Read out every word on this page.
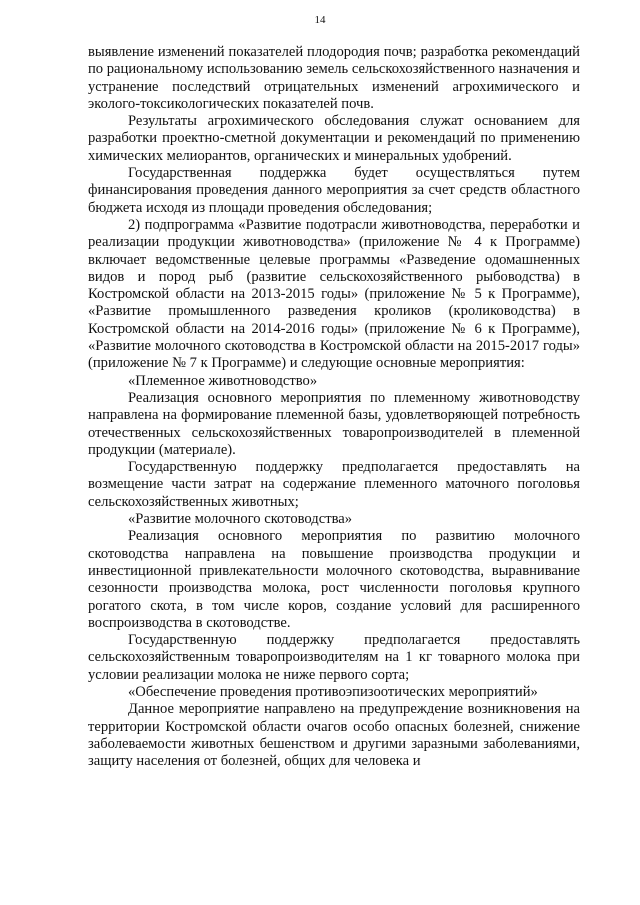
14

выявление изменений показателей плодородия почв; разработка рекомендаций по рациональному использованию земель сельскохозяйственного назначения и устранение последствий отрицательных изменений агрохимического и эколого-токсикологических показателей почв.

Результаты агрохимического обследования служат основанием для разработки проектно-сметной документации и рекомендаций по применению химических мелиорантов, органических и минеральных удобрений.

Государственная поддержка будет осуществляться путем финансирования проведения данного мероприятия за счет средств областного бюджета исходя из площади проведения обследования;

2) подпрограмма «Развитие подотрасли животноводства, переработки и реализации продукции животноводства» (приложение № 4 к Программе) включает ведомственные целевые программы «Разведение одомашненных видов и пород рыб (развитие сельскохозяйственного рыбоводства) в Костромской области на 2013-2015 годы» (приложение № 5 к Программе), «Развитие промышленного разведения кроликов (кролиководства) в Костромской области на 2014-2016 годы» (приложение № 6 к Программе), «Развитие молочного скотоводства в Костромской области на 2015-2017 годы» (приложение № 7 к Программе) и следующие основные мероприятия:

«Племенное животноводство»

Реализация основного мероприятия по племенному животноводству направлена на формирование племенной базы, удовлетворяющей потребность отечественных сельскохозяйственных товаропроизводителей в племенной продукции (материале).

Государственную поддержку предполагается предоставлять на возмещение части затрат на содержание племенного маточного поголовья сельскохозяйственных животных;

«Развитие молочного скотоводства»

Реализация основного мероприятия по развитию молочного скотоводства направлена на повышение производства продукции и инвестиционной привлекательности молочного скотоводства, выравнивание сезонности производства молока, рост численности поголовья крупного рогатого скота, в том числе коров, создание условий для расширенного воспроизводства в скотоводстве.

Государственную поддержку предполагается предоставлять сельскохозяйственным товаропроизводителям на 1 кг товарного молока при условии реализации молока не ниже первого сорта;

«Обеспечение проведения противоэпизоотических мероприятий»

Данное мероприятие направлено на предупреждение возникновения на территории Костромской области очагов особо опасных болезней, снижение заболеваемости животных бешенством и другими заразными заболеваниями, защиту населения от болезней, общих для человека и
